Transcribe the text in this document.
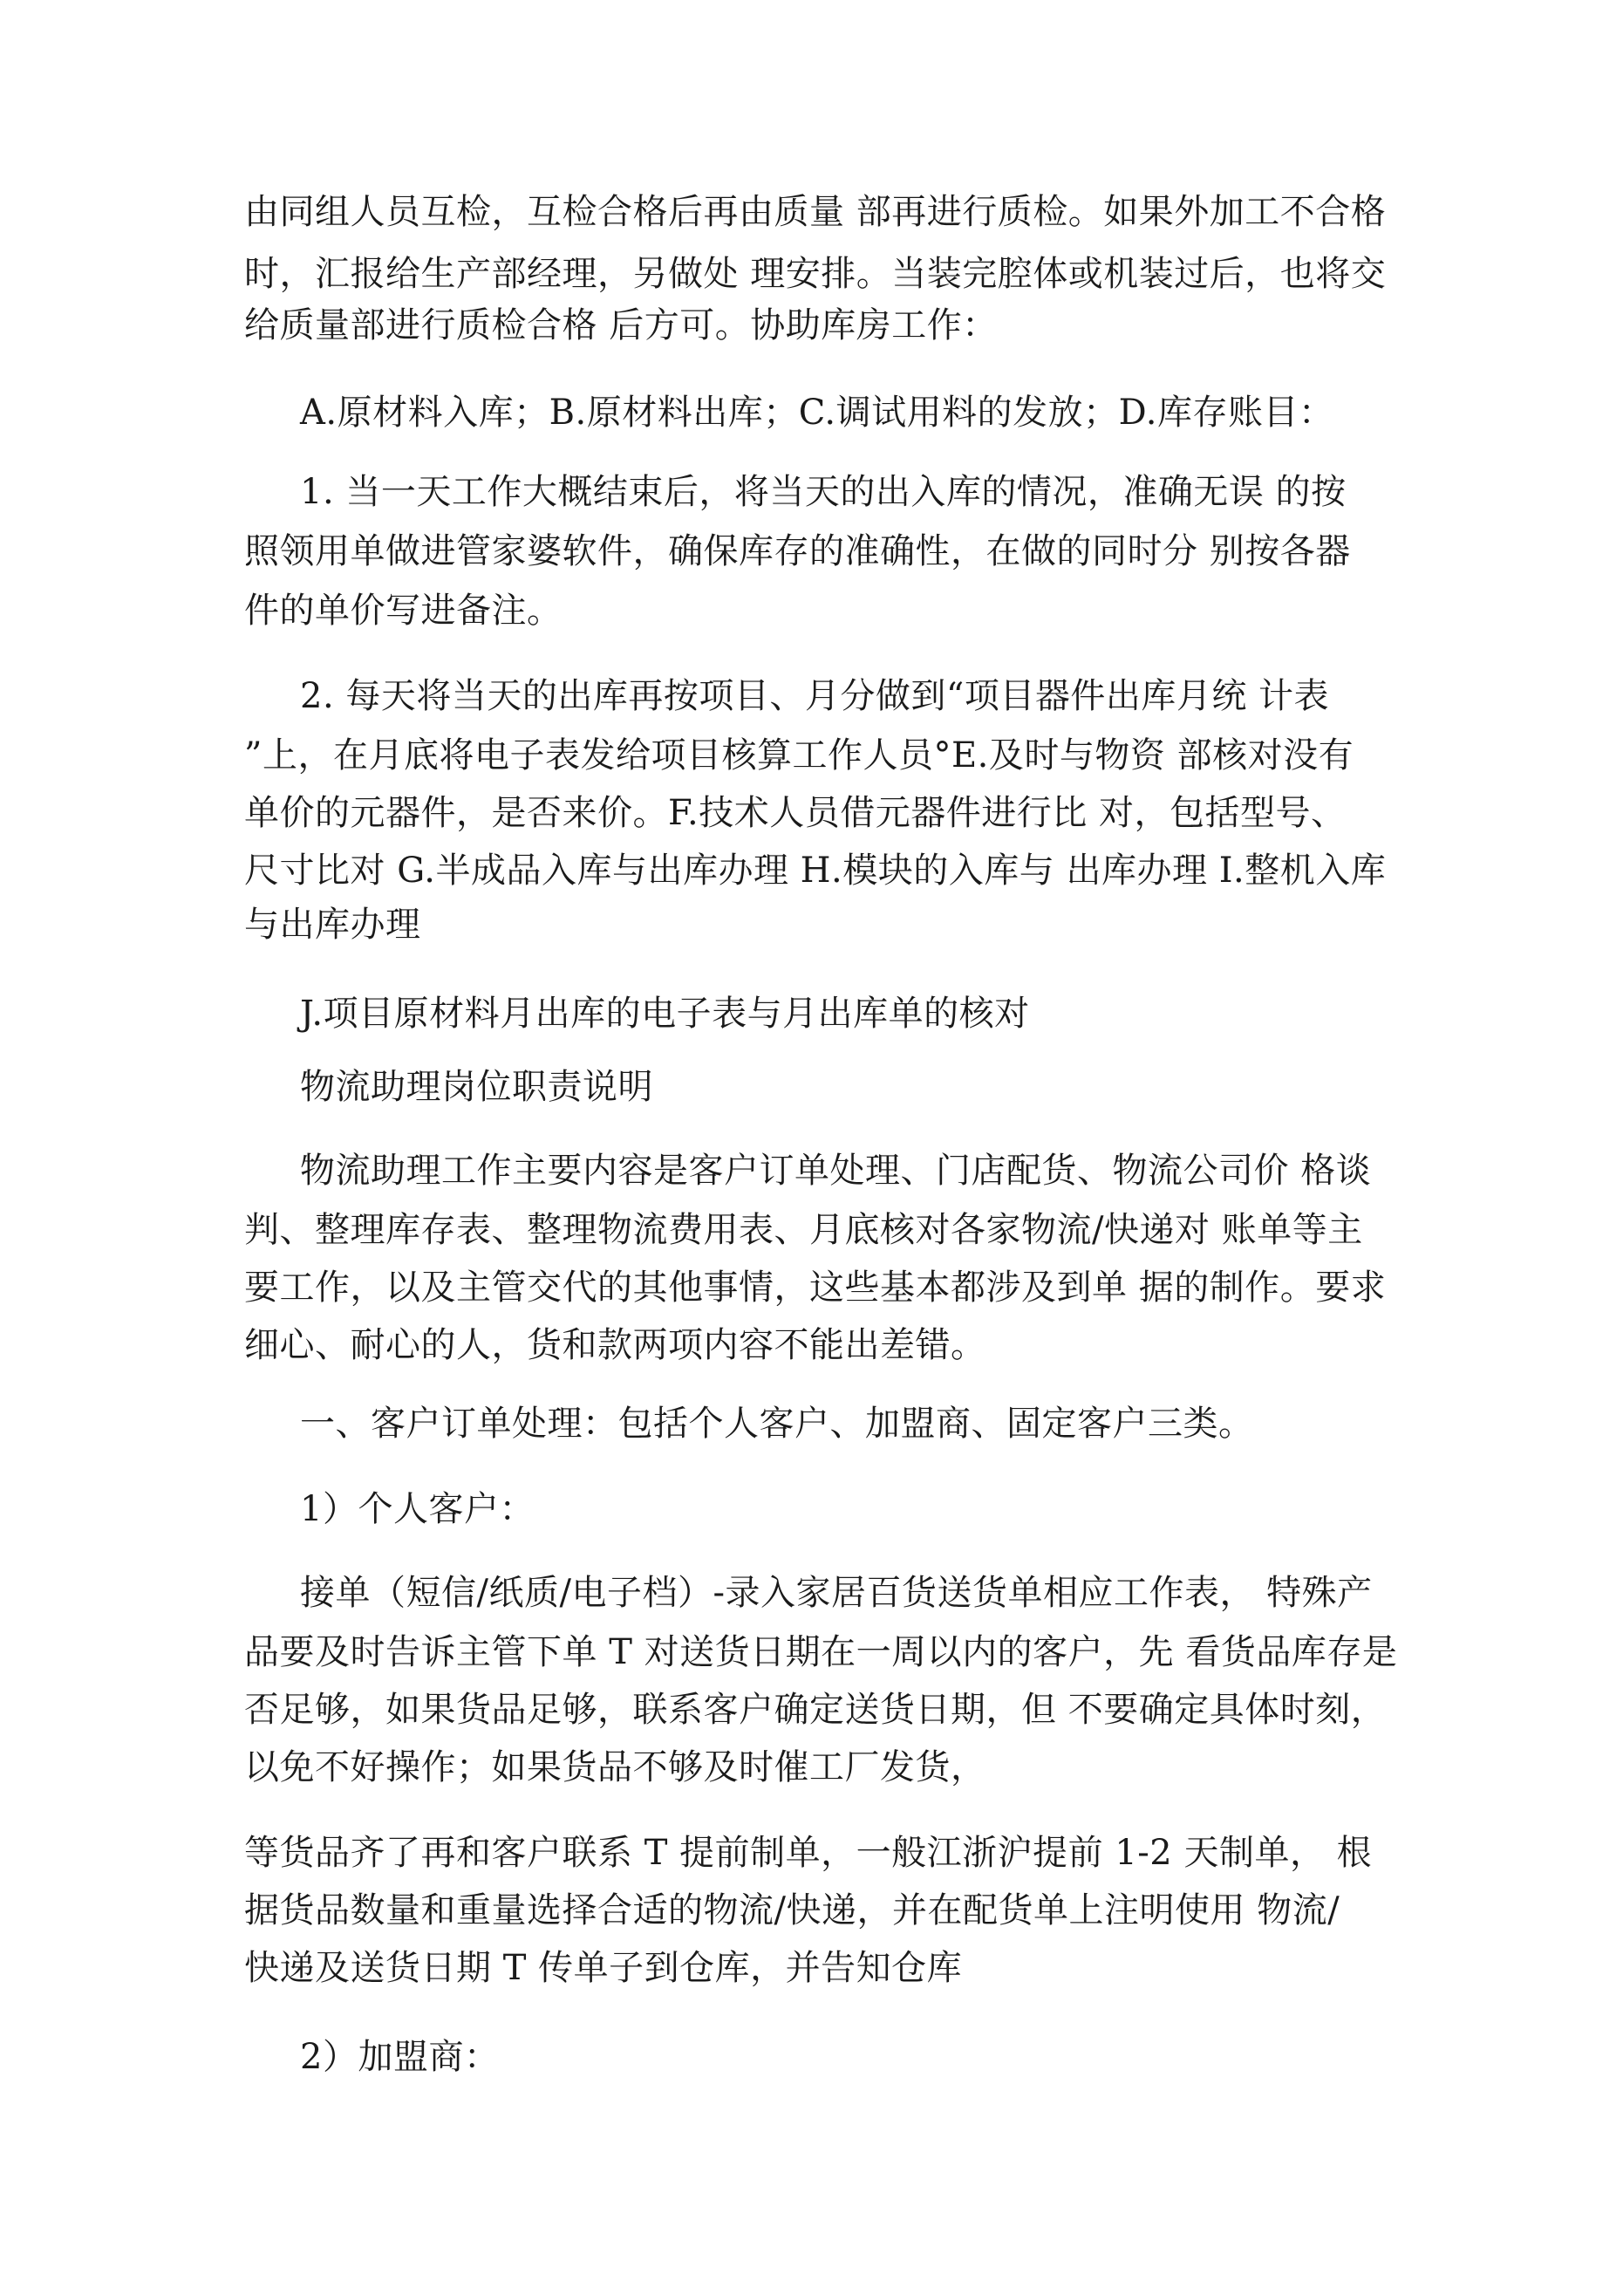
由同组人员互检，互检合格后再由质量 部再进行质检。如果外加工不合格

时，汇报给生产部经理，另做处 理安排。当装完腔体或机装过后，也将交

给质量部进行质检合格 后方可。协助库房工作：

A.原材料入库；B.原材料出库；C.调试用料的发放；D.库存账目：

1. 当一天工作大概结束后，将当天的出入库的情况，准确无误 的按

照领用单做进管家婆软件，确保库存的准确性，在做的同时分 别按各器

件的单价写进备注。

2. 每天将当天的出库再按项目、月分做到“项目器件出库月统 计表

”上，在月底将电子表发给项目核算工作人员°E.及时与物资 部核对没有

单价的元器件，是否来价。F.技术人员借元器件进行比 对，包括型号、

尺寸比对 G.半成品入库与出库办理 H.模块的入库与 出库办理 I.整机入库

与出库办理

J.项目原材料月出库的电子表与月出库单的核对

物流助理岗位职责说明

物流助理工作主要内容是客户订单处理、门店配货、物流公司价 格谈

判、整理库存表、整理物流费用表、月底核对各家物流/快递对 账单等主

要工作，以及主管交代的其他事情，这些基本都涉及到单 据的制作。要求

细心、耐心的人，货和款两项内容不能出差错。

一、客户订单处理：包括个人客户、加盟商、固定客户三类。

1）个人客户：

接单（短信/纸质/电子档）-录入家居百货送货单相应工作表， 特殊产

品要及时告诉主管下单 T 对送货日期在一周以内的客户，先 看货品库存是

否足够，如果货品足够，联系客户确定送货日期，但 不要确定具体时刻，

以免不好操作；如果货品不够及时催工厂发货，

等货品齐了再和客户联系 T 提前制单，一般江浙沪提前 1-2 天制单， 根

据货品数量和重量选择合适的物流/快递，并在配货单上注明使用 物流/

快递及送货日期 T 传单子到仓库，并告知仓库

2）加盟商：
